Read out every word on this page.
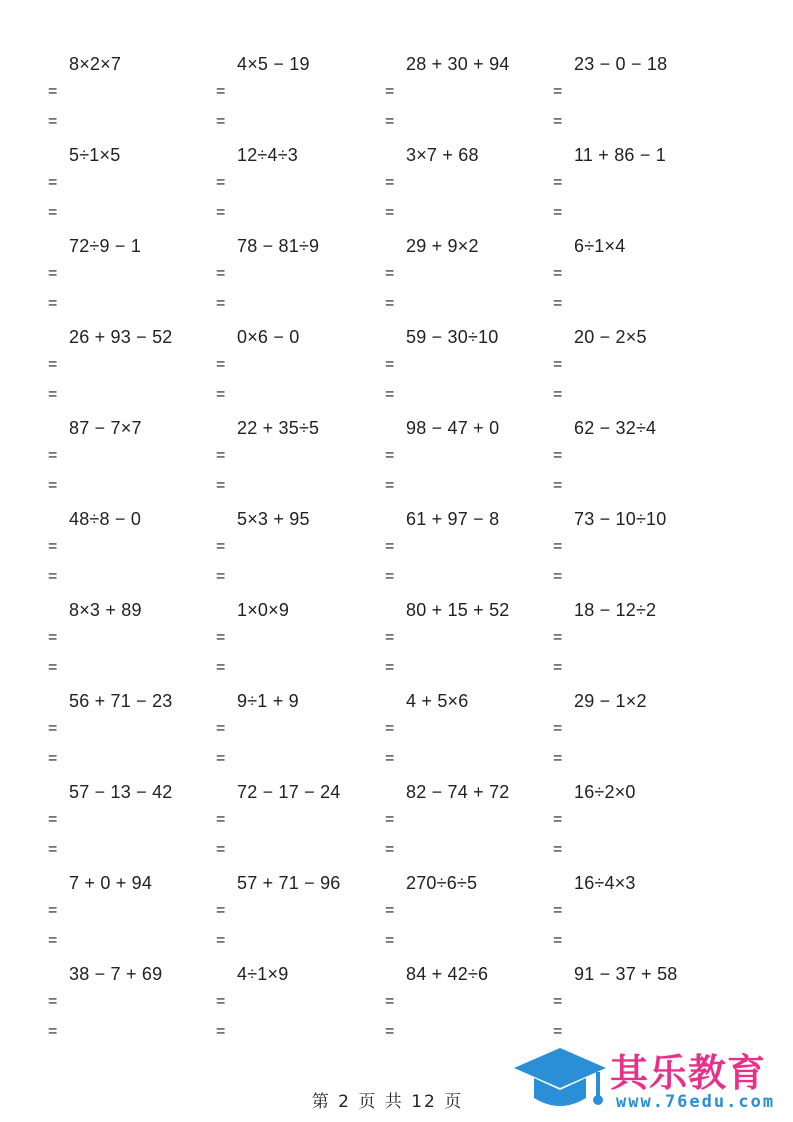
8×2×7
=
=
4×5 − 19
=
=
28 + 30 + 94
=
=
23 − 0 − 18
=
=
5÷1×5
=
=
12÷4÷3
=
=
3×7 + 68
=
=
11 + 86 − 1
=
=
72÷9 − 1
=
=
78 − 81÷9
=
=
29 + 9×2
=
=
6÷1×4
=
=
26 + 93 − 52
=
=
0×6 − 0
=
=
59 − 30÷10
=
=
20 − 2×5
=
=
87 − 7×7
=
=
22 + 35÷5
=
=
98 − 47 + 0
=
=
62 − 32÷4
=
=
48÷8 − 0
=
=
5×3 + 95
=
=
61 + 97 − 8
=
=
73 − 10÷10
=
=
8×3 + 89
=
=
1×0×9
=
=
80 + 15 + 52
=
=
18 − 12÷2
=
=
56 + 71 − 23
=
=
9÷1 + 9
=
=
4 + 5×6
=
=
29 − 1×2
=
=
57 − 13 − 42
=
=
72 − 17 − 24
=
=
82 − 74 + 72
=
=
16÷2×0
=
=
7 + 0 + 94
=
=
57 + 71 − 96
=
=
270÷6÷5
=
=
16÷4×3
=
=
38 − 7 + 69
=
=
4÷1×9
=
=
84 + 42÷6
=
=
91 − 37 + 58
=
=
第 2 页 共 12 页
其乐教育
www.76edu.com
